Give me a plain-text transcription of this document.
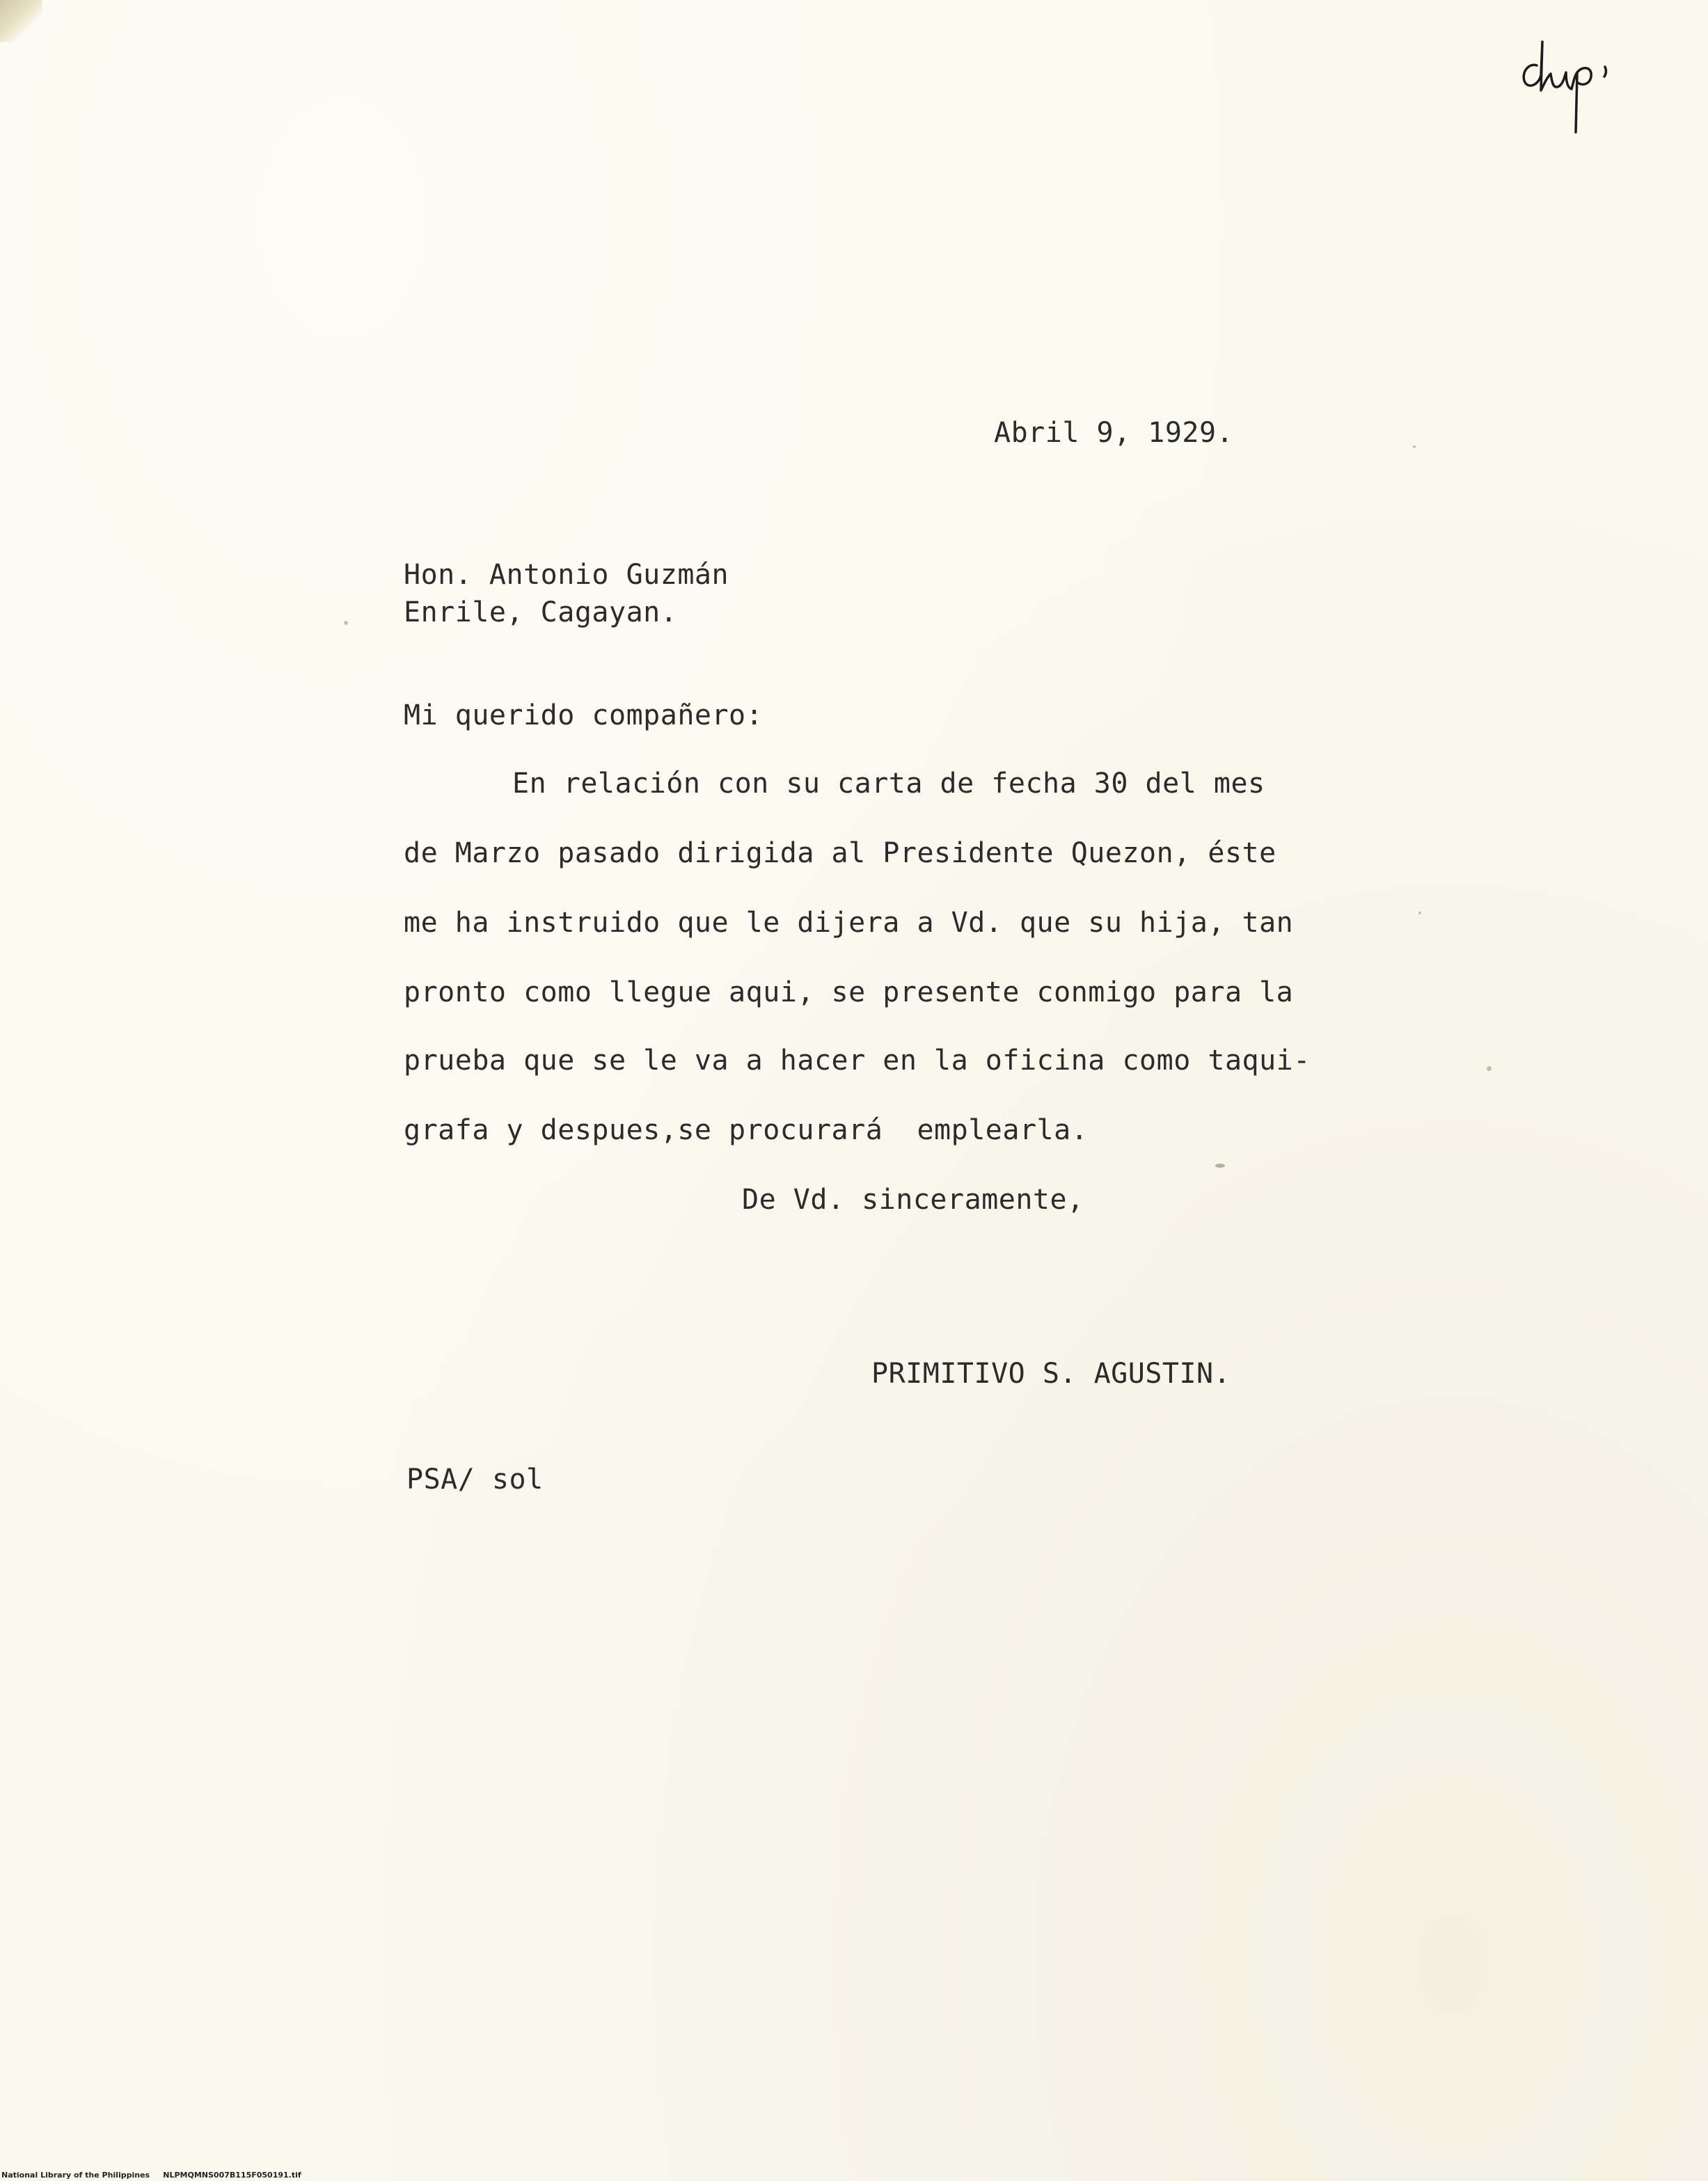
Abril 9, 1929.
Hon. Antonio Guzmán
Enrile, Cagayan.
Mi querido compañero:
En relación con su carta de fecha 30 del mes
de Marzo pasado dirigida al Presidente Quezon, éste
me ha instruido que le dijera a Vd. que su hija, tan
pronto como llegue aqui, se presente conmigo para la
prueba que se le va a hacer en la oficina como taqui-
grafa y despues,se procurará  emplearla.
De Vd. sinceramente,
PRIMITIVO S. AGUSTIN.
PSA/ sol
National Library of the Philippines NLPMQMNS007B115F050191.tif
